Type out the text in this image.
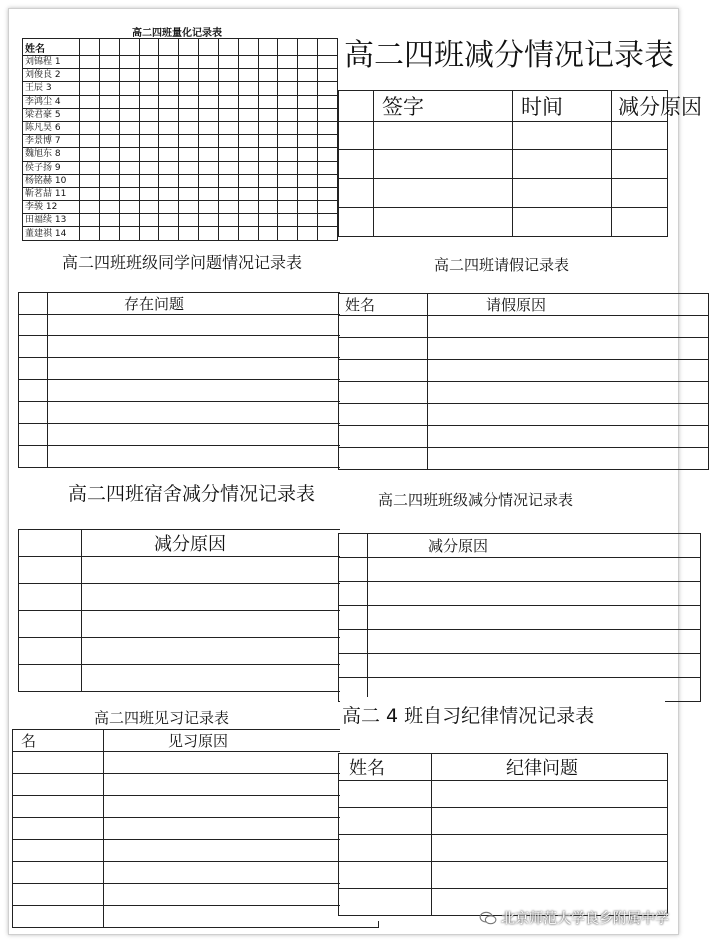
高二四班量化记录表
姓名													
刘锦程 1													
刘俊良 2													
王辰 3													
李鸿尘 4													
梁君豪 5													
陈凡昊 6													
李景博 7													
魏旭东 8													
侯子扬 9													
杨铭赫 10													
靳茗喆 11													
李骏 12													
田福续 13													
董建祺 14													
高二四班减分情况记录表
	签字	时间	减分原因

高二四班班级同学问题情况记录表
	存在问题	

高二四班请假记录表
姓名	请假原因	

高二四班宿舍减分情况记录表
	减分原因

高二四班班级减分情况记录表
	减分原因	

高二四班见习记录表
名	见习原因	

高二 4 班自习纪律情况记录表
姓名	纪律问题

北京师范大学良乡附属中学
